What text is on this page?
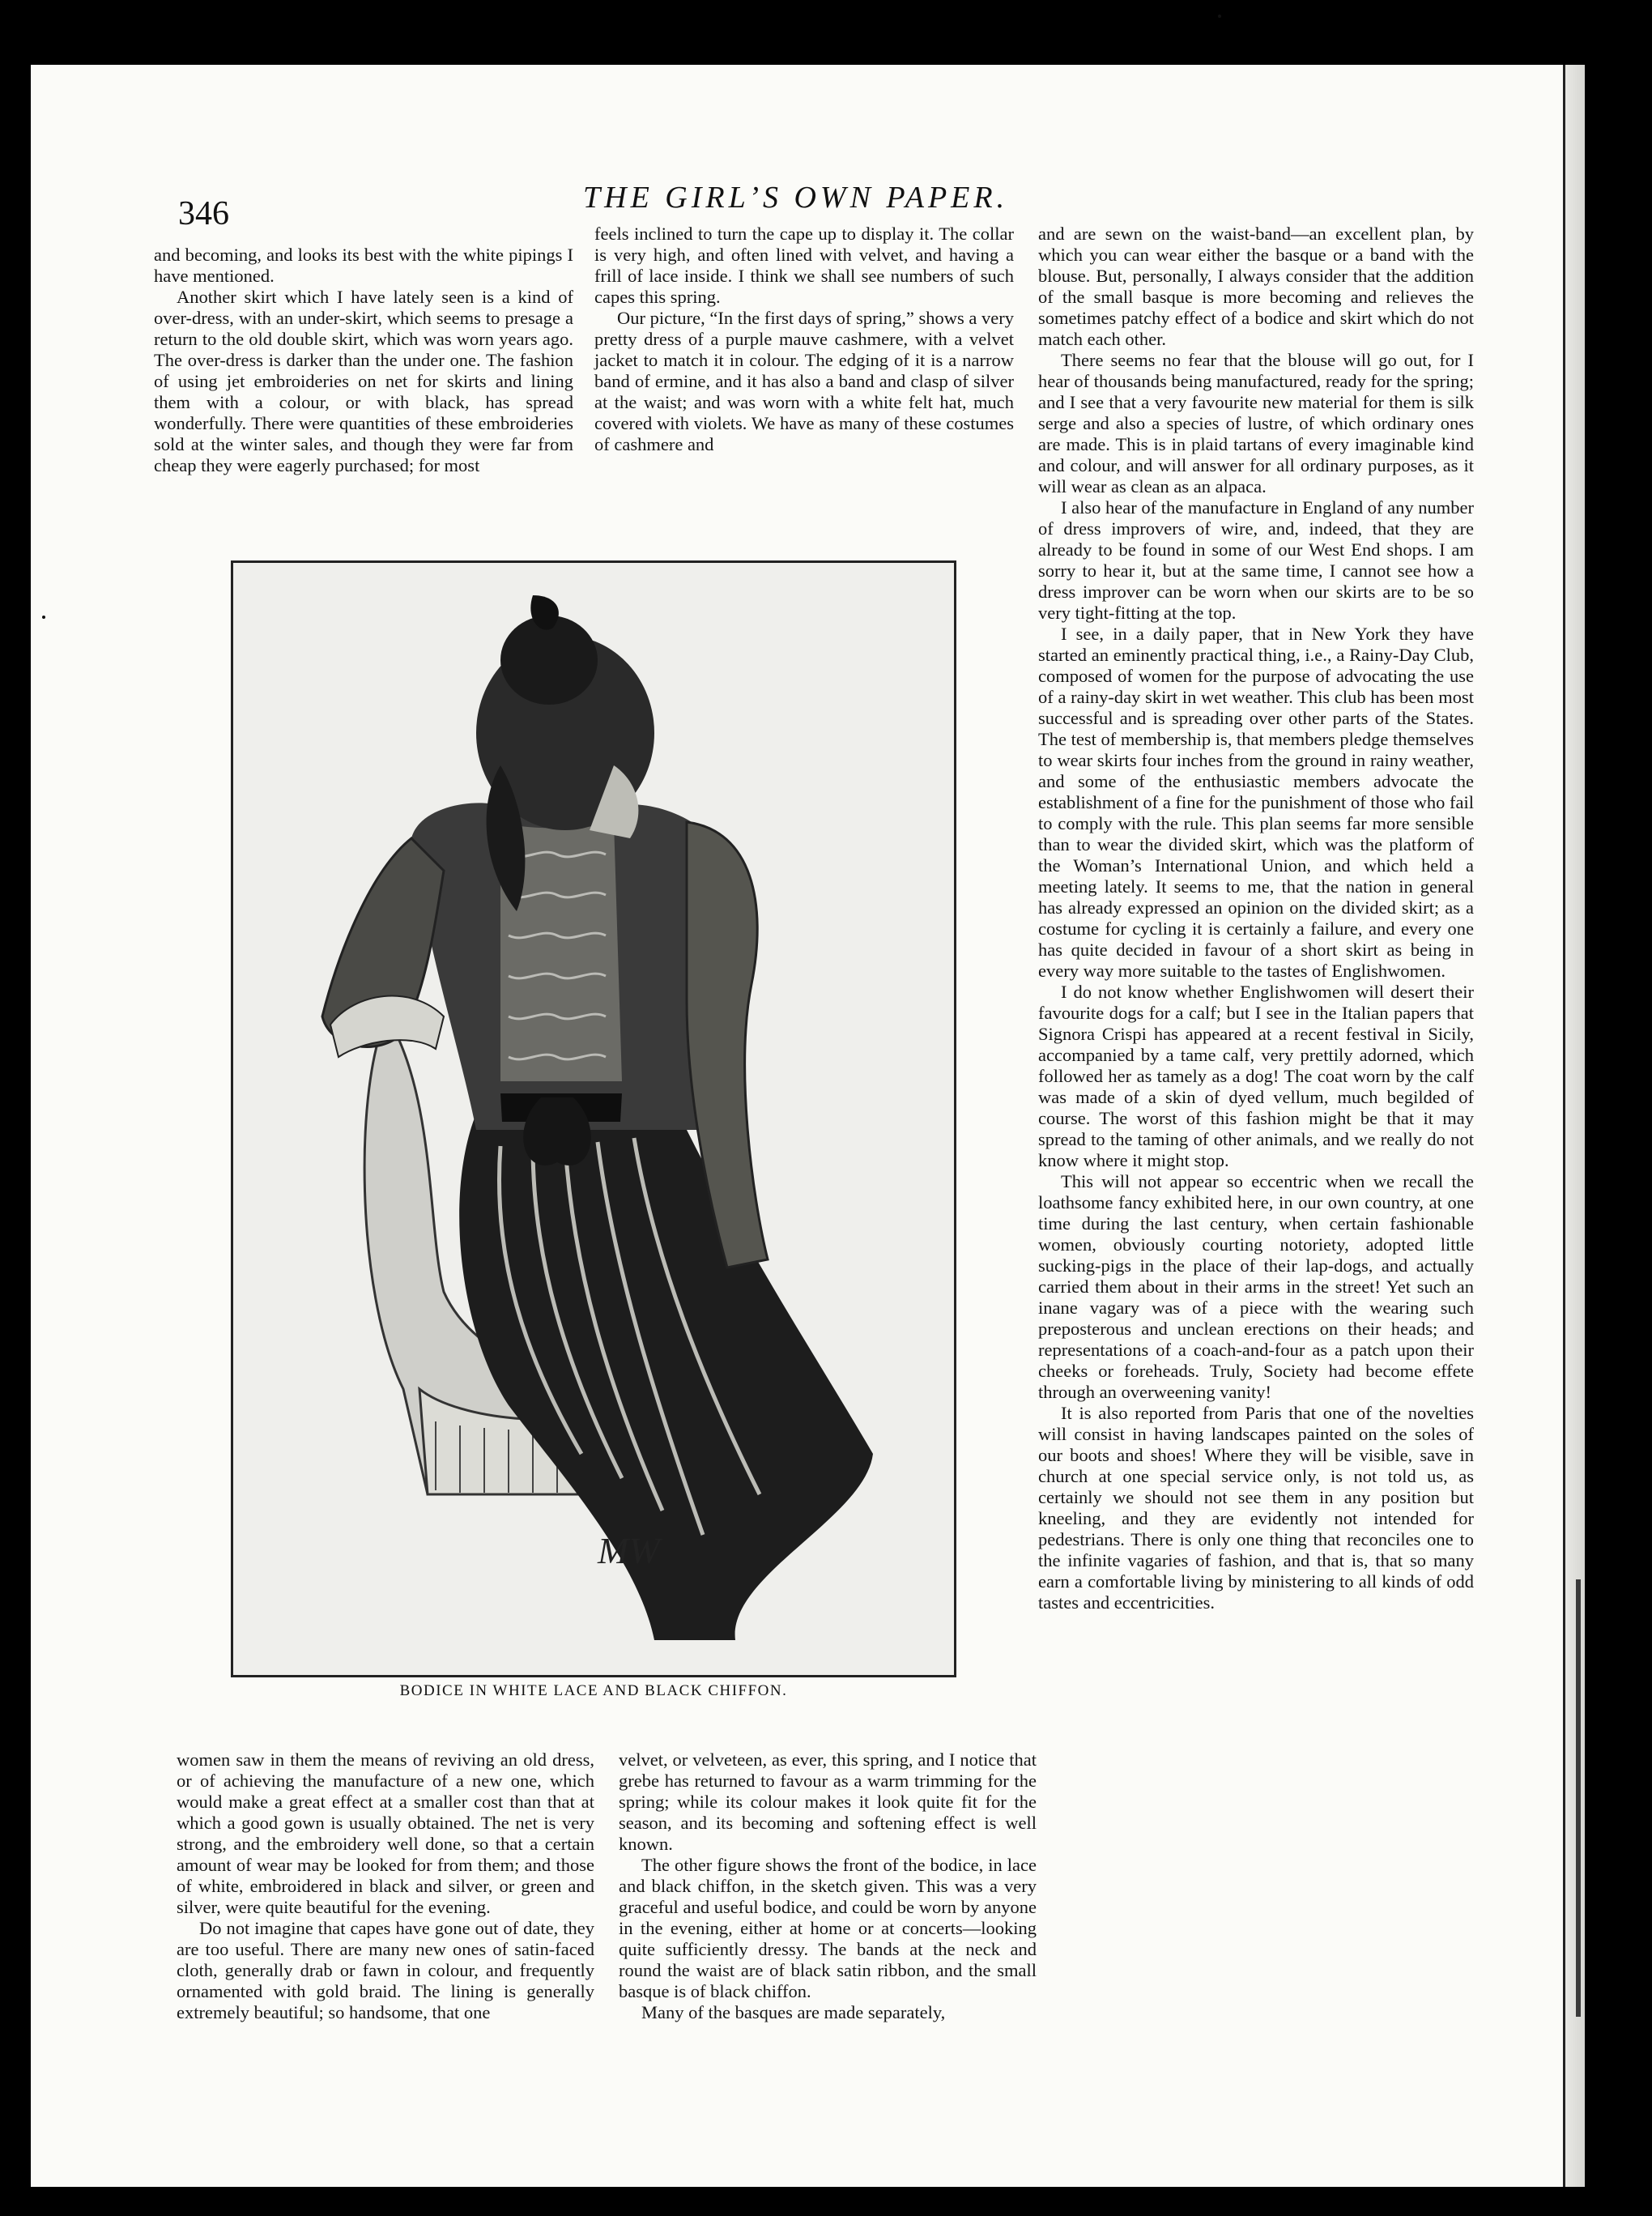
346	THE GIRL’S OWN PAPER.

and becoming, and looks its best with the white pipings I have mentioned.

Another skirt which I have lately seen is a kind of over-dress, with an under-skirt, which seems to presage a return to the old double skirt, which was worn years ago. The over-dress is darker than the under one. The fashion of using jet embroideries on net for skirts and lining them with a colour, or with black, has spread wonderfully. There were quantities of these embroideries sold at the winter sales, and though they were far from cheap they were eagerly purchased; for most

feels inclined to turn the cape up to display it. The collar is very high, and often lined with velvet, and having a frill of lace inside. I think we shall see numbers of such capes this spring.

Our picture, “In the first days of spring,” shows a very pretty dress of a purple mauve cashmere, with a velvet jacket to match it in colour. The edging of it is a narrow band of ermine, and it has also a band and clasp of silver at the waist; and was worn with a white felt hat, much covered with violets. We have as many of these costumes of cashmere and

and are sewn on the waist-band—an excellent plan, by which you can wear either the basque or a band with the blouse. But, personally, I always consider that the addition of the small basque is more becoming and relieves the sometimes patchy effect of a bodice and skirt which do not match each other.

There seems no fear that the blouse will go out, for I hear of thousands being manufactured, ready for the spring; and I see that a very favourite new material for them is silk serge and also a species of lustre, of which ordinary ones are made. This is in plaid tartans of every imaginable kind and colour, and will answer for all ordinary purposes, as it will wear as clean as an alpaca.

I also hear of the manufacture in England of any number of dress improvers of wire, and, indeed, that they are already to be found in some of our West End shops. I am sorry to hear it, but at the same time, I cannot see how a dress improver can be worn when our skirts are to be so very tight-fitting at the top.

I see, in a daily paper, that in New York they have started an eminently practical thing, i.e., a Rainy-Day Club, composed of women for the purpose of advocating the use of a rainy-day skirt in wet weather. This club has been most successful and is spreading over other parts of the States. The test of membership is, that members pledge themselves to wear skirts four inches from the ground in rainy weather, and some of the enthusiastic members advocate the establishment of a fine for the punishment of those who fail to comply with the rule. This plan seems far more sensible than to wear the divided skirt, which was the platform of the Woman’s International Union, and which held a meeting lately. It seems to me, that the nation in general has already expressed an opinion on the divided skirt; as a costume for cycling it is certainly a failure, and every one has quite decided in favour of a short skirt as being in every way more suitable to the tastes of Englishwomen.

I do not know whether Englishwomen will desert their favourite dogs for a calf; but I see in the Italian papers that Signora Crispi has appeared at a recent festival in Sicily, accompanied by a tame calf, very prettily adorned, which followed her as tamely as a dog! The coat worn by the calf was made of a skin of dyed vellum, much begilded of course. The worst of this fashion might be that it may spread to the taming of other animals, and we really do not know where it might stop.

This will not appear so eccentric when we recall the loathsome fancy exhibited here, in our own country, at one time during the last century, when certain fashionable women, obviously courting notoriety, adopted little sucking-pigs in the place of their lap-dogs, and actually carried them about in their arms in the street! Yet such an inane vagary was of a piece with the wearing such preposterous and unclean erections on their heads; and representations of a coach-and-four as a patch upon their cheeks or foreheads. Truly, Society had become effete through an overweening vanity!

It is also reported from Paris that one of the novelties will consist in having landscapes painted on the soles of our boots and shoes! Where they will be visible, save in church at one special service only, is not told us, as certainly we should not see them in any position but kneeling, and they are evidently not intended for pedestrians. There is only one thing that reconciles one to the infinite vagaries of fashion, and that is, that so many earn a comfortable living by ministering to all kinds of odd tastes and eccentricities.

MW
BODICE IN WHITE LACE AND BLACK CHIFFON.

women saw in them the means of reviving an old dress, or of achieving the manufacture of a new one, which would make a great effect at a smaller cost than that at which a good gown is usually obtained. The net is very strong, and the embroidery well done, so that a certain amount of wear may be looked for from them; and those of white, embroidered in black and silver, or green and silver, were quite beautiful for the evening.

Do not imagine that capes have gone out of date, they are too useful. There are many new ones of satin-faced cloth, generally drab or fawn in colour, and frequently ornamented with gold braid. The lining is generally extremely beautiful; so handsome, that one

velvet, or velveteen, as ever, this spring, and I notice that grebe has returned to favour as a warm trimming for the spring; while its colour makes it look quite fit for the season, and its becoming and softening effect is well known.

The other figure shows the front of the bodice, in lace and black chiffon, in the sketch given. This was a very graceful and useful bodice, and could be worn by anyone in the evening, either at home or at concerts—looking quite sufficiently dressy. The bands at the neck and round the waist are of black satin ribbon, and the small basque is of black chiffon.

Many of the basques are made separately,
